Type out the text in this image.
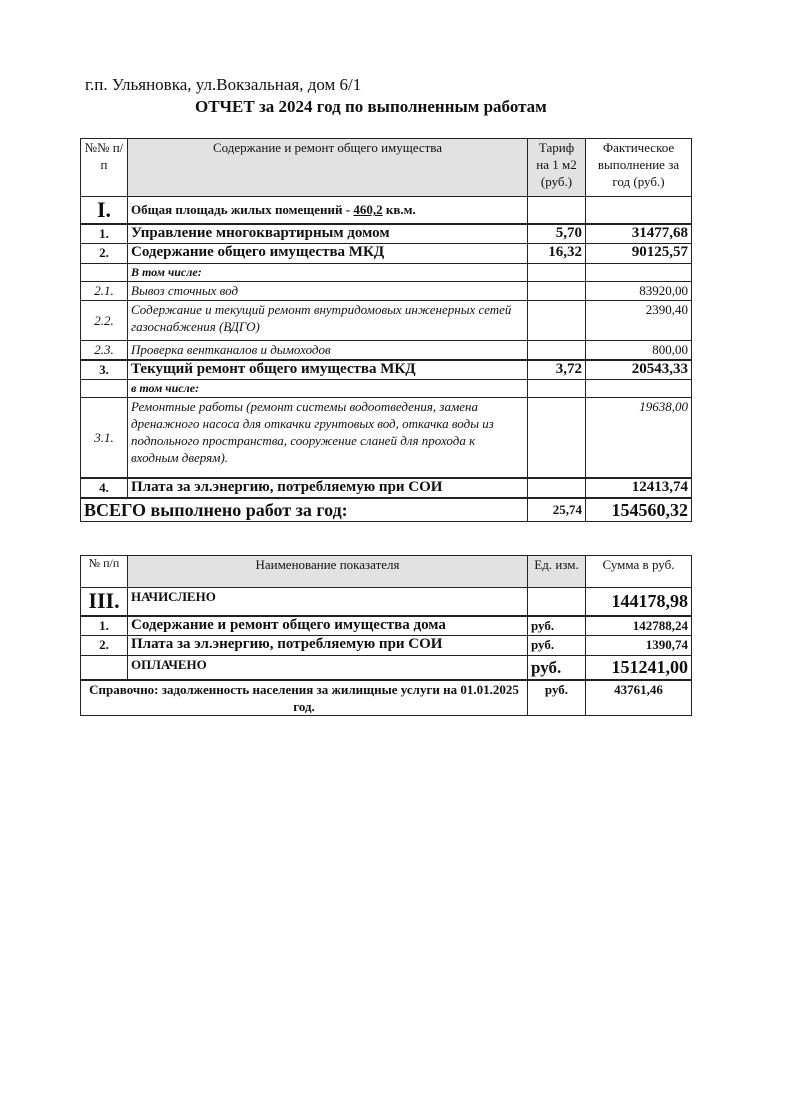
г.п. Ульяновка, ул.Вокзальная, дом 6/1
ОТЧЕТ за 2024 год по выполненным работам
№№ п/п	Содержание и ремонт общего имущества	Тариф на 1 м2 (руб.)	Фактическое выполнение за год (руб.)
I.	Общая площадь жилых помещений - 460,2 кв.м.		
1.	Управление многоквартирным домом	5,70	31477,68
2.	Содержание общего имущества МКД	16,32	90125,57
	В том числе:		
2.1.	Вывоз сточных вод		83920,00
2.2.	Содержание и текущий ремонт внутридомовых инженерных сетей газоснабжения (ВДГО)		2390,40
2.3.	Проверка вентканалов и дымоходов		800,00
3.	Текущий ремонт общего имущества МКД	3,72	20543,33
	в том числе:		
3.1.	Ремонтные работы (ремонт системы водоотведения, замена дренажного насоса для откачки грунтовых вод, откачка воды из подпольного пространства, сооружение сланей для прохода к входным дверям).		19638,00
4.	Плата за эл.энергию, потребляемую при СОИ		12413,74
ВСЕГО выполнено работ за год:		25,74	154560,32
№ п/п	Наименование показателя	Ед. изм.	Сумма в руб.
III.	НАЧИСЛЕНО		144178,98
1.	Содержание и ремонт общего имущества дома	руб.	142788,24
2.	Плата за эл.энергию, потребляемую при СОИ	руб.	1390,74
	ОПЛАЧЕНО	руб.	151241,00
Справочно: задолженность населения за жилищные услуги на 01.01.2025 год.		руб.	43761,46
